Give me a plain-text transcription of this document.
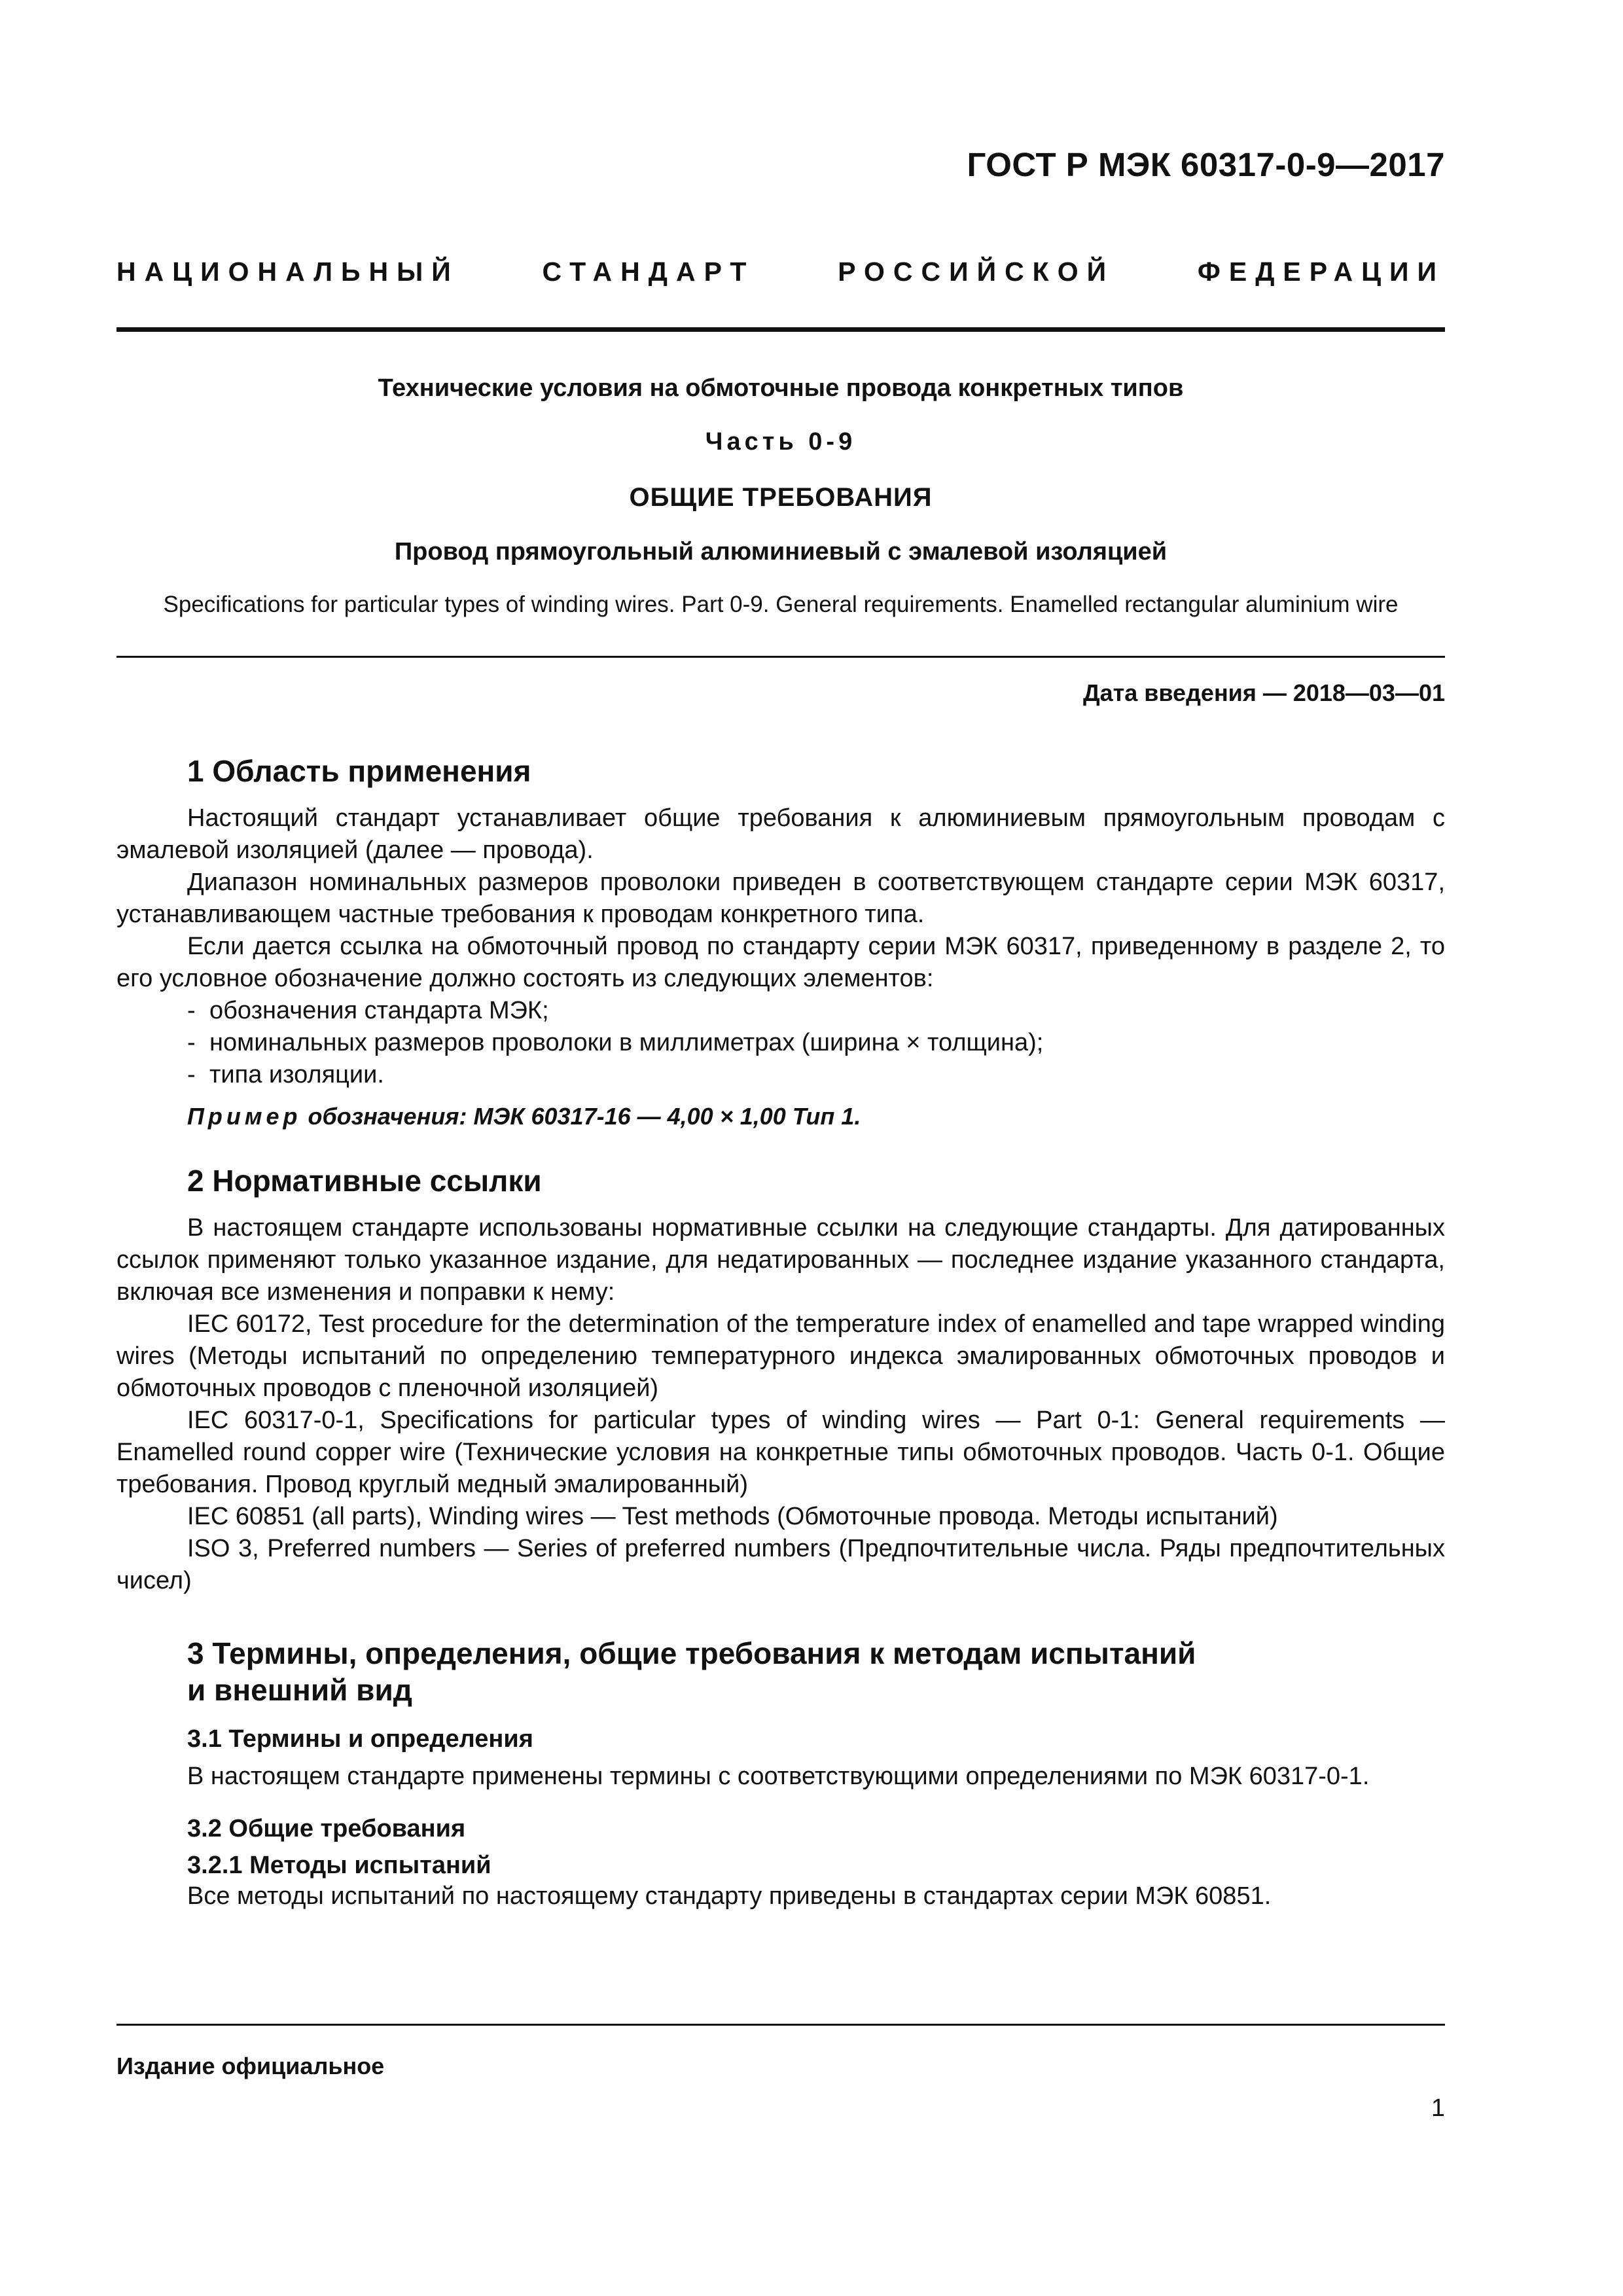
ГОСТ Р МЭК 60317-0-9—2017
НАЦИОНАЛЬНЫЙ СТАНДАРТ РОССИЙСКОЙ ФЕДЕРАЦИИ
Технические условия на обмоточные провода конкретных типов
Часть 0-9
ОБЩИЕ ТРЕБОВАНИЯ
Провод прямоугольный алюминиевый с эмалевой изоляцией
Specifications for particular types of winding wires. Part 0-9. General requirements. Enamelled rectangular aluminium wire
Дата введения — 2018—03—01
1 Область применения

Настоящий стандарт устанавливает общие требования к алюминиевым прямоугольным проводам с эмалевой изоляцией (далее — провода).

Диапазон номинальных размеров проволоки приведен в соответствующем стандарте серии МЭК 60317, устанавливающем частные требования к проводам конкретного типа.

Если дается ссылка на обмоточный провод по стандарту серии МЭК 60317, приведенному в разделе 2, то его условное обозначение должно состоять из следующих элементов:

- обозначения стандарта МЭК;
- номинальных размеров проволоки в миллиметрах (ширина × толщина);
- типа изоляции.
Пример обозначения: МЭК 60317-16 — 4,00 × 1,00 Тип 1.
2 Нормативные ссылки

В настоящем стандарте использованы нормативные ссылки на следующие стандарты. Для датированных ссылок применяют только указанное издание, для недатированных — последнее издание указанного стандарта, включая все изменения и поправки к нему:

IEC 60172, Test procedure for the determination of the temperature index of enamelled and tape wrapped winding wires (Методы испытаний по определению температурного индекса эмалированных обмоточных проводов и обмоточных проводов с пленочной изоляцией)

IEC 60317-0-1, Specifications for particular types of winding wires — Part 0-1: General requirements — Enamelled round copper wire (Технические условия на конкретные типы обмоточных проводов. Часть 0-1. Общие требования. Провод круглый медный эмалированный)

IEC 60851 (all parts), Winding wires — Test methods (Обмоточные провода. Методы испытаний)

ISO 3, Preferred numbers — Series of preferred numbers (Предпочтительные числа. Ряды предпочтительных чисел)

3 Термины, определения, общие требования к методам испытаний
и внешний вид
3.1 Термины и определения

В настоящем стандарте применены термины с соответствующими определениями по МЭК 60317-0-1.

3.2 Общие требования
3.2.1 Методы испытаний

Все методы испытаний по настоящему стандарту приведены в стандартах серии МЭК 60851.

Издание официальное
1
